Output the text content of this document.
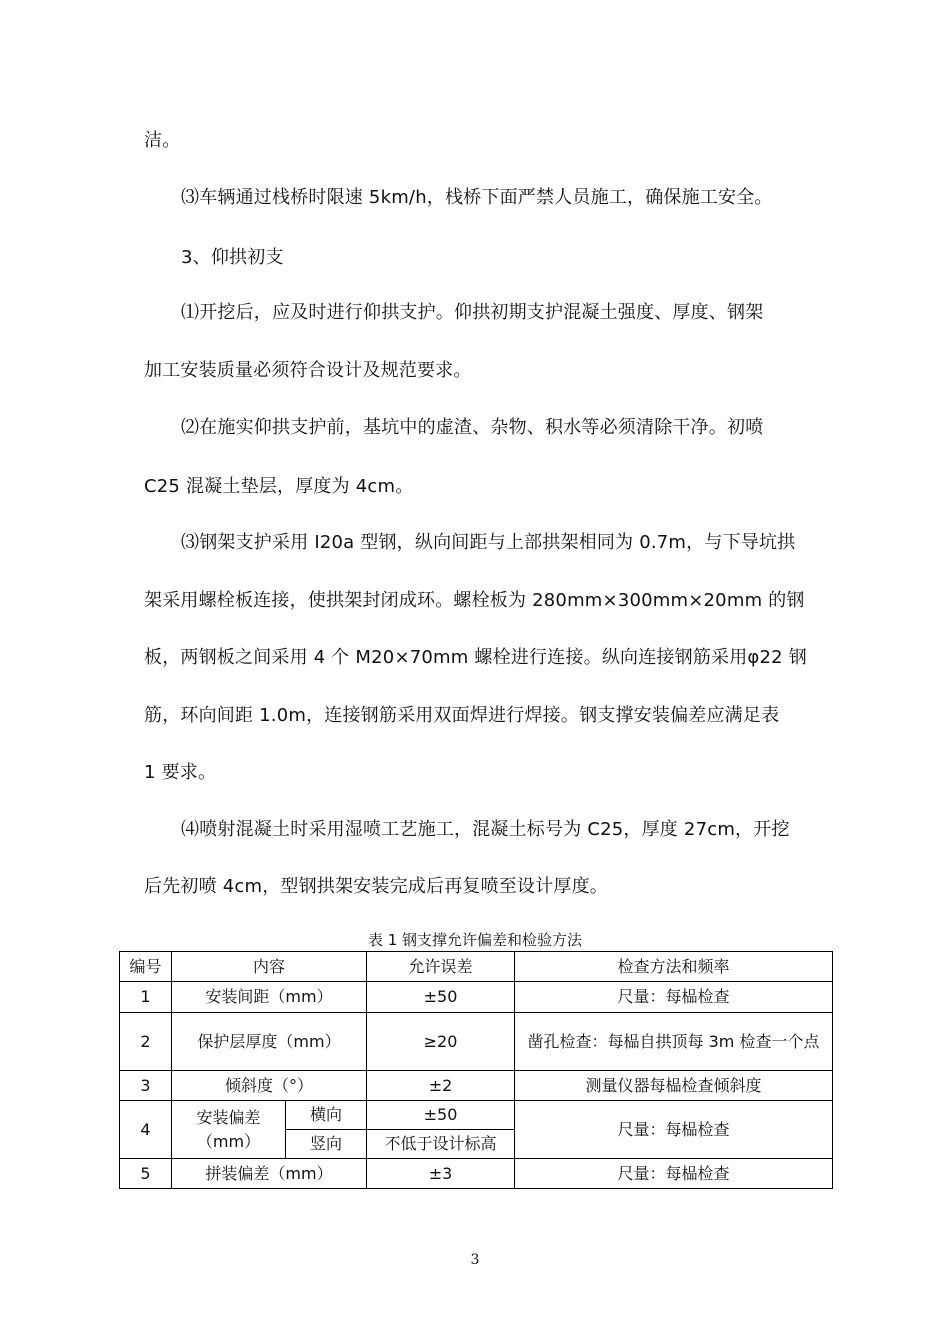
洁。

⑶车辆通过栈桥时限速 5km/h，栈桥下面严禁人员施工，确保施工安全。

3、仰拱初支

⑴开挖后，应及时进行仰拱支护。仰拱初期支护混凝土强度、厚度、钢架

加工安装质量必须符合设计及规范要求。

⑵在施实仰拱支护前，基坑中的虚渣、杂物、积水等必须清除干净。初喷

C25 混凝土垫层，厚度为 4cm。

⑶钢架支护采用 I20a 型钢，纵向间距与上部拱架相同为 0.7m，与下导坑拱

架采用螺栓板连接，使拱架封闭成环。螺栓板为 280mm×300mm×20mm 的钢

板，两钢板之间采用 4 个 M20×70mm 螺栓进行连接。纵向连接钢筋采用φ22 钢

筋，环向间距 1.0m，连接钢筋采用双面焊进行焊接。钢支撑安装偏差应满足表

1 要求。

⑷喷射混凝土时采用湿喷工艺施工，混凝土标号为 C25，厚度 27cm，开挖

后先初喷 4cm，型钢拱架安装完成后再复喷至设计厚度。

表 1 钢支撑允许偏差和检验方法
编号	内容		允许误差	检查方法和频率
1	安装间距（mm）		±50	尺量：每榀检查
2	保护层厚度（mm）		≥20	凿孔检查：每榀自拱顶每 3m 检查一个点
3	倾斜度（°）		±2	测量仪器每榀检查倾斜度
4	安装偏差（mm）	横向	±50	尺量：每榀检查
		竖向	不低于设计标高	
5	拼装偏差（mm）		±3	尺量：每榀检查
3
